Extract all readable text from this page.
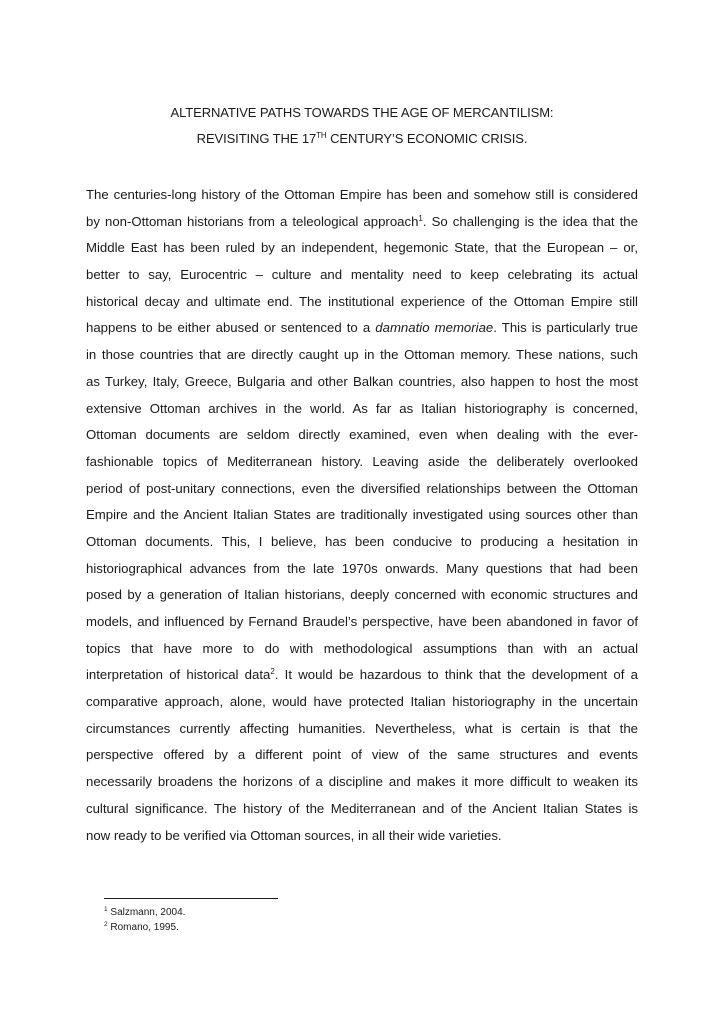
ALTERNATIVE PATHS TOWARDS THE AGE OF MERCANTILISM:
REVISITING THE 17TH CENTURY’S ECONOMIC CRISIS.
The centuries-long history of the Ottoman Empire has been and somehow still is considered
by non-Ottoman historians from a teleological approach$^1$. So challenging is the idea that the
Middle East has been ruled by an independent, hegemonic State, that the European – or,
better to say, Eurocentric – culture and mentality need to keep celebrating its actual
historical decay and ultimate end. The institutional experience of the Ottoman Empire still
happens to be either abused or sentenced to a damnatio memoriae. This is particularly true
in those countries that are directly caught up in the Ottoman memory. These nations, such
as Turkey, Italy, Greece, Bulgaria and other Balkan countries, also happen to host the most
extensive Ottoman archives in the world. As far as Italian historiography is concerned,
Ottoman documents are seldom directly examined, even when dealing with the ever-
fashionable topics of Mediterranean history. Leaving aside the deliberately overlooked
period of post-unitary connections, even the diversified relationships between the Ottoman
Empire and the Ancient Italian States are traditionally investigated using sources other than
Ottoman documents. This, I believe, has been conducive to producing a hesitation in
historiographical advances from the late 1970s onwards. Many questions that had been
posed by a generation of Italian historians, deeply concerned with economic structures and
models, and influenced by Fernand Braudel’s perspective, have been abandoned in favor of
topics that have more to do with methodological assumptions than with an actual
interpretation of historical data$^2$. It would be hazardous to think that the development of a
comparative approach, alone, would have protected Italian historiography in the uncertain
circumstances currently affecting humanities. Nevertheless, what is certain is that the
perspective offered by a different point of view of the same structures and events
necessarily broadens the horizons of a discipline and makes it more difficult to weaken its
cultural significance. The history of the Mediterranean and of the Ancient Italian States is
now ready to be verified via Ottoman sources, in all their wide varieties.
$^1$ Salzmann, 2004.
$^2$ Romano, 1995.
